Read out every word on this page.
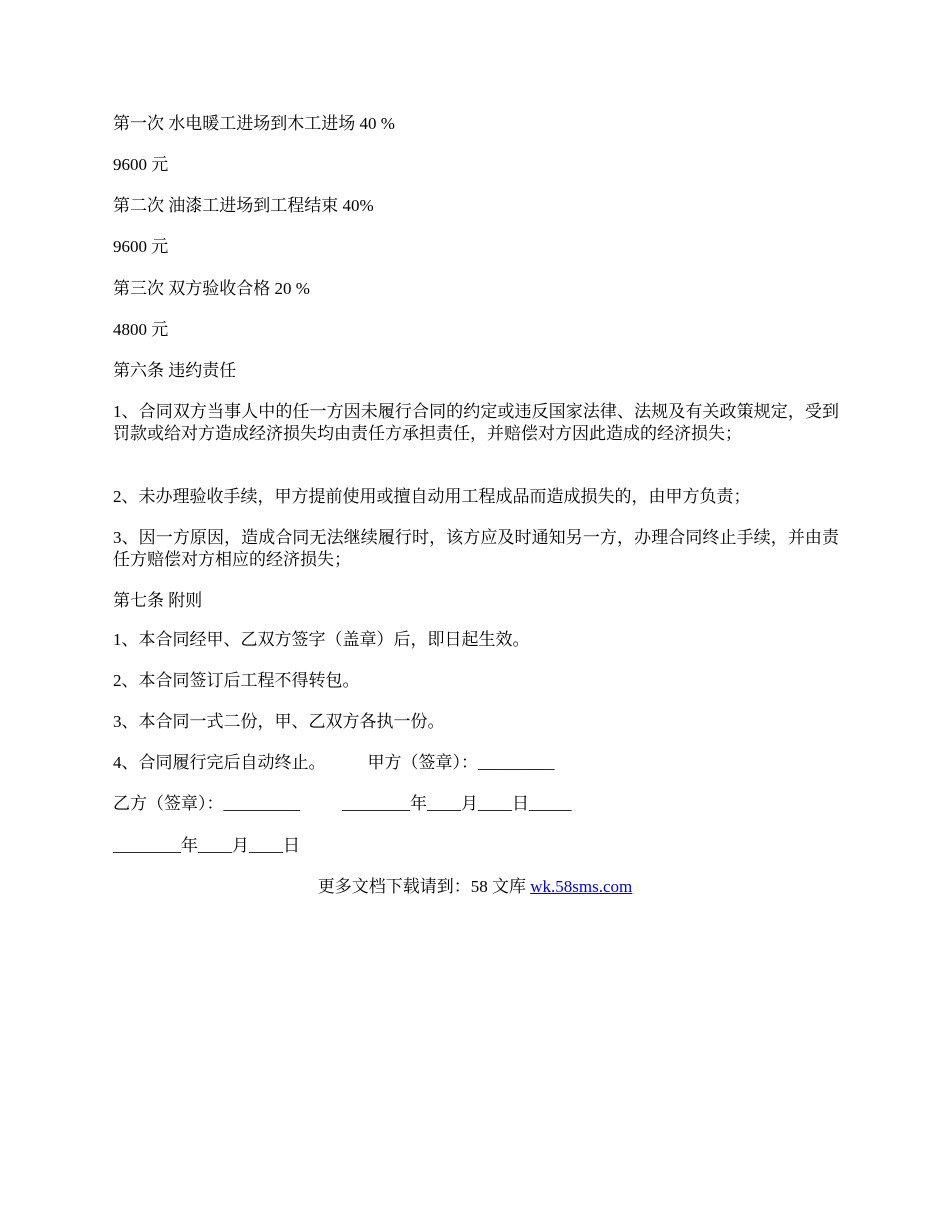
第一次 水电暖工进场到木工进场 40 %

9600 元

第二次 油漆工进场到工程结束 40%

9600 元

第三次 双方验收合格 20 %

4800 元

第六条 违约责任

1、合同双方当事人中的任一方因未履行合同的约定或违反国家法律、法规及有关政策规定，受到罚款或给对方造成经济损失均由责任方承担责任，并赔偿对方因此造成的经济损失；

2、未办理验收手续，甲方提前使用或擅自动用工程成品而造成损失的，由甲方负责；

3、因一方原因，造成合同无法继续履行时，该方应及时通知另一方，办理合同终止手续，并由责任方赔偿对方相应的经济损失；

第七条 附则

1、本合同经甲、乙双方签字（盖章）后，即日起生效。

2、本合同签订后工程不得转包。

3、本合同一式二份，甲、乙双方各执一份。

4、合同履行完后自动终止。 甲方（签章）：_________

乙方（签章）：_________ ________年____月____日_____

________年____月____日

更多文档下载请到：58 文库 wk.58sms.com
